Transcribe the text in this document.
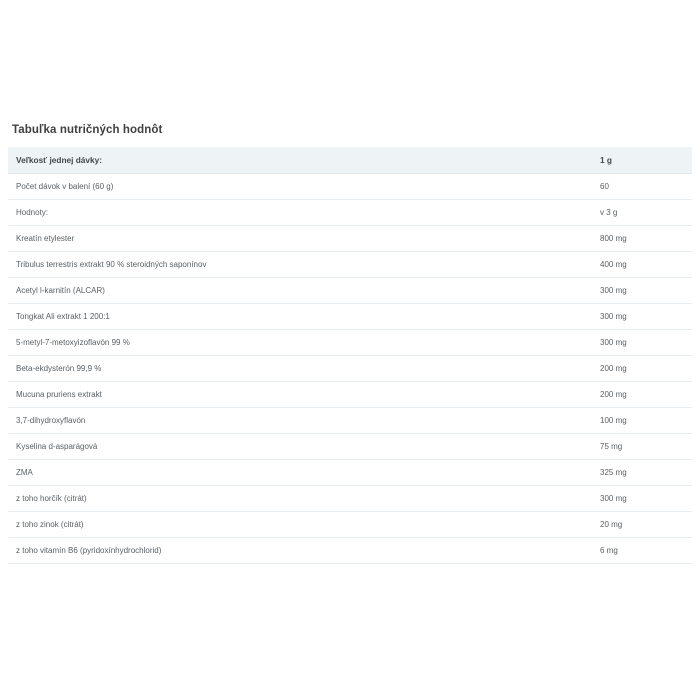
Tabuľka nutričných hodnôt
Veľkosť jednej dávky:	1 g
Počet dávok v balení (60 g)	60
Hodnoty:	v 3 g
Kreatín etylester	800 mg
Tribulus terrestris extrakt 90 % steroidných saponínov	400 mg
Acetyl l-karnitín (ALCAR)	300 mg
Tongkat Ali extrakt 1 200:1	300 mg
5-metyl-7-metoxyizoflavón 99 %	300 mg
Beta-ekdysterón 99,9 %	200 mg
Mucuna pruriens extrakt	200 mg
3,7-dihydroxyflavón	100 mg
Kyselina d-asparágová	75 mg
ZMA	325 mg
z toho horčík (citrát)	300 mg
z toho zinok (citrát)	20 mg
z toho vitamín B6 (pyridoxínhydrochlorid)	6 mg
